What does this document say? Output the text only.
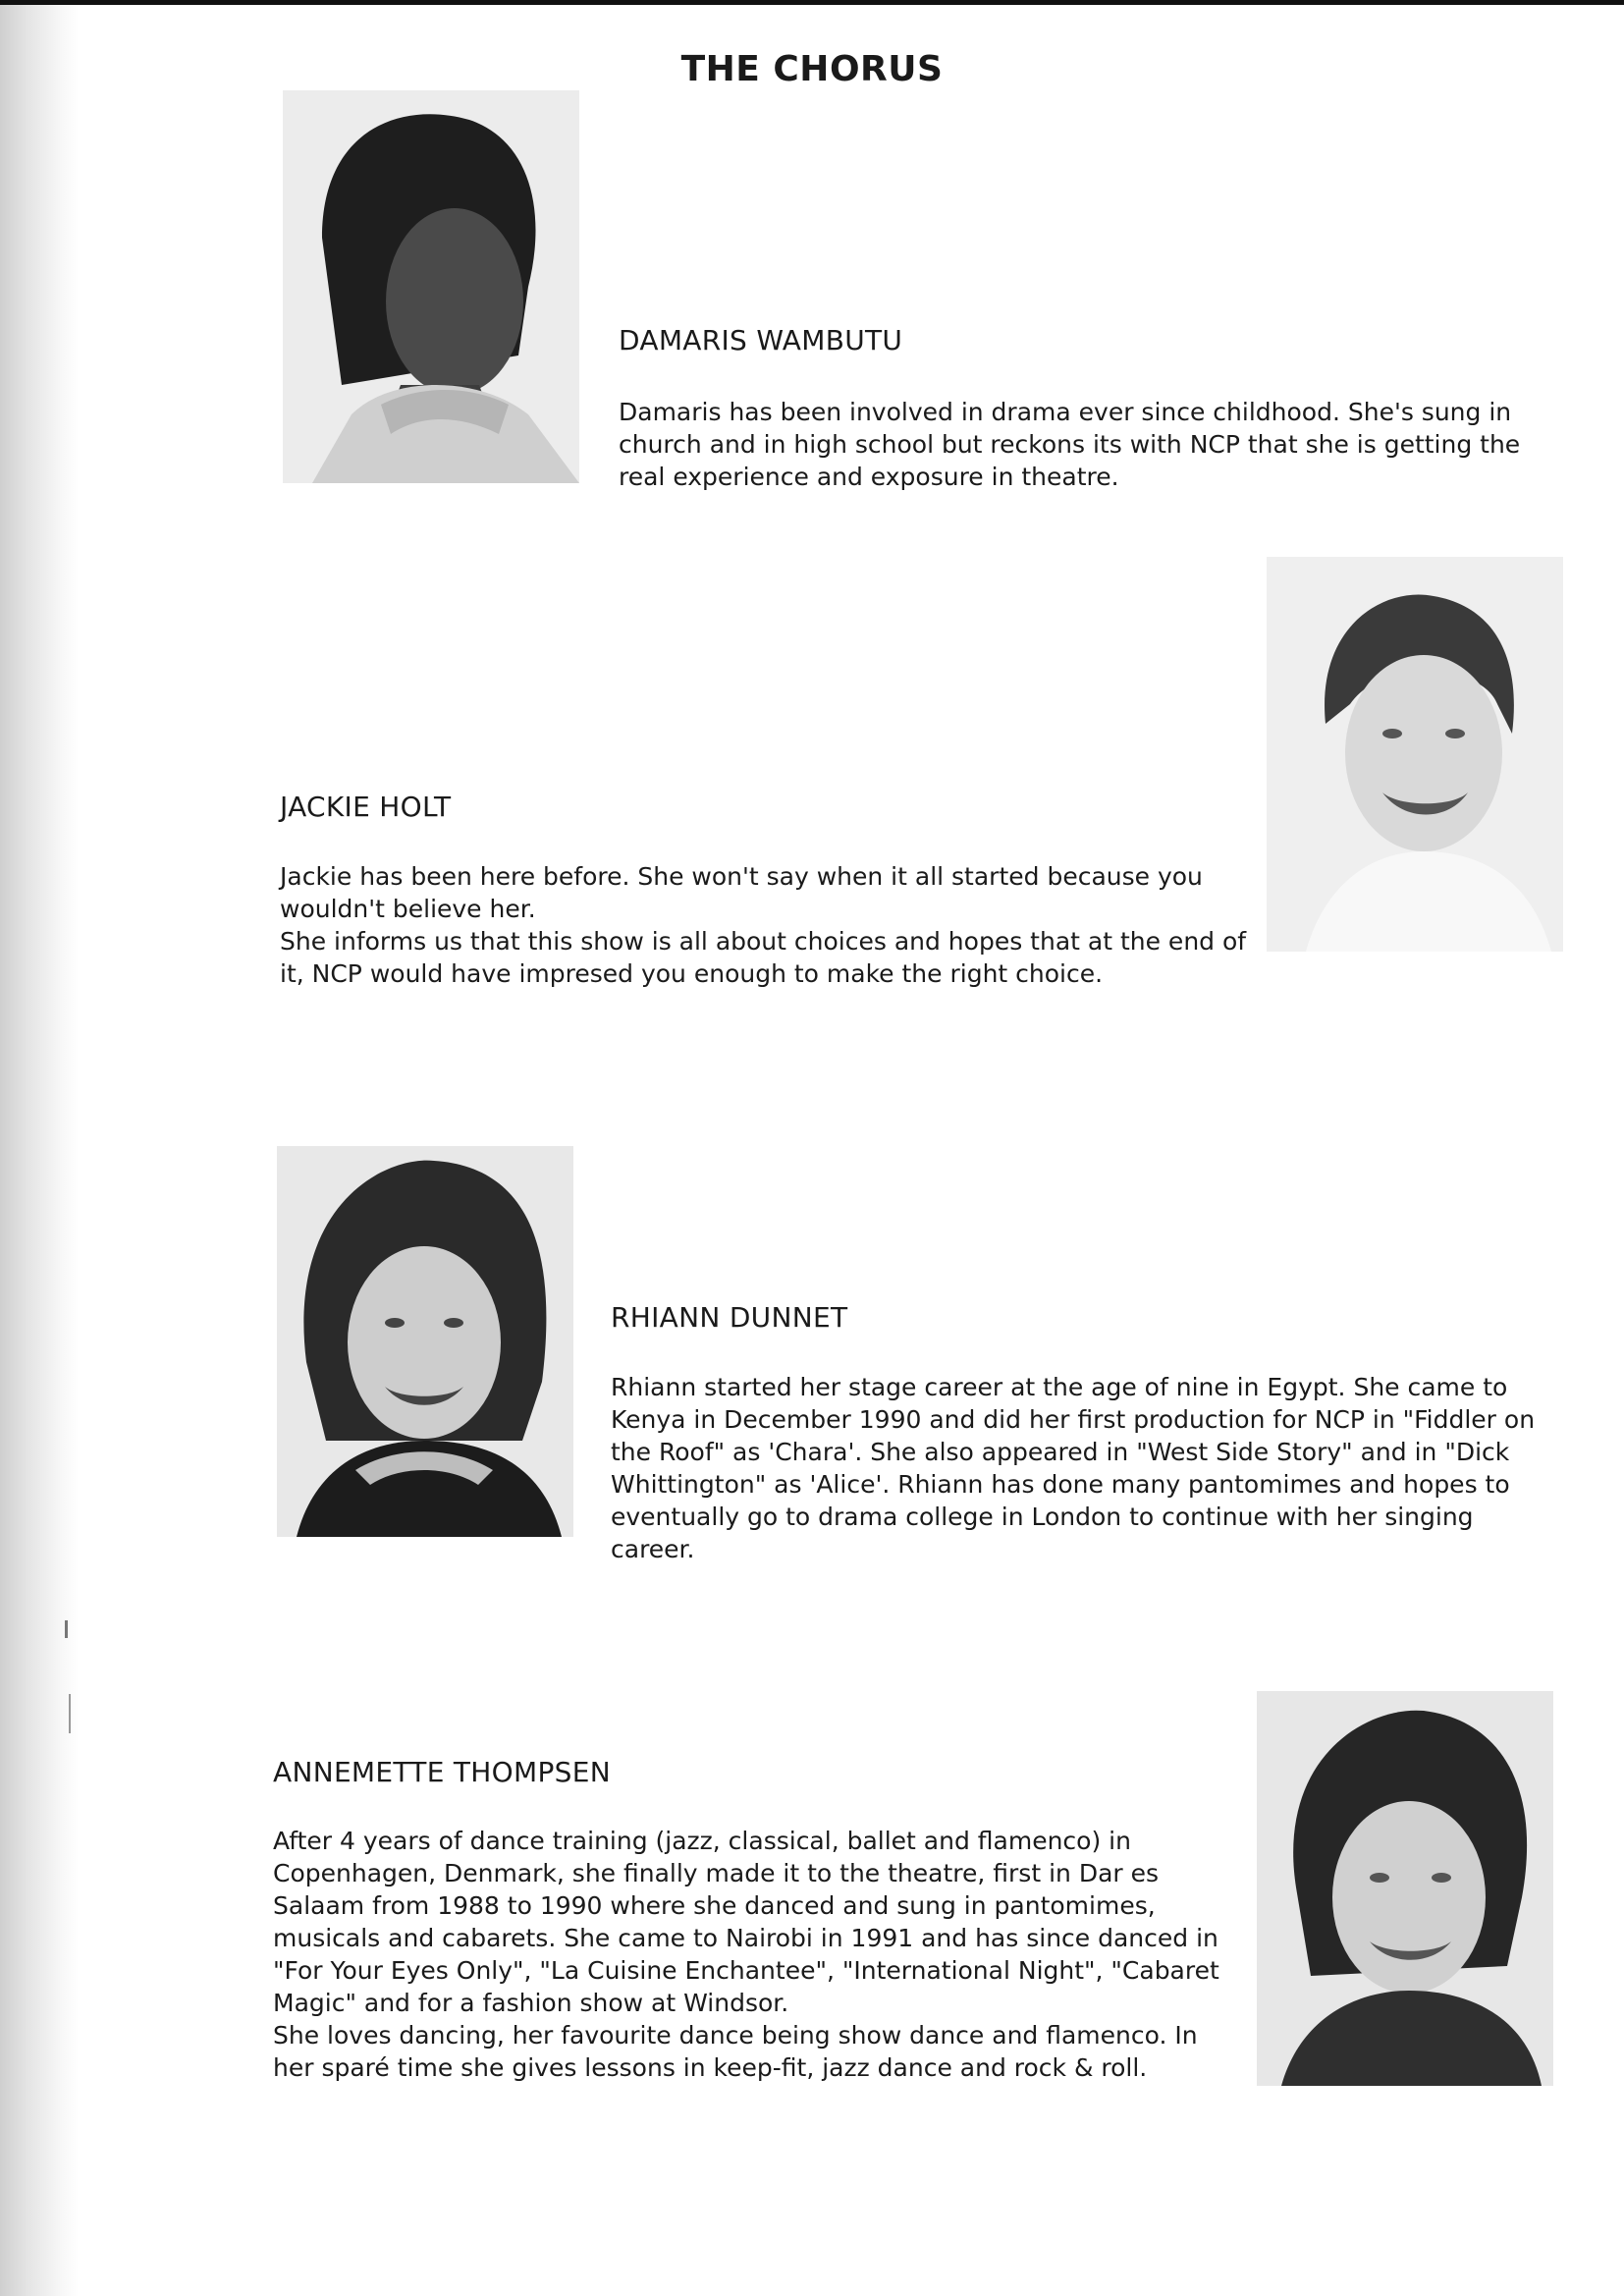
THE CHORUS
DAMARIS WAMBUTU

Damaris has been involved in drama ever since childhood. She's sung in church and in high school but reckons its with NCP that she is getting the real experience and exposure in theatre.

JACKIE HOLT

Jackie has been here before. She won't say when it all started because you wouldn't believe her.

She informs us that this show is all about choices and hopes that at the end of it, NCP would have impresed you enough to make the right choice.

RHIANN DUNNET

Rhiann started her stage career at the age of nine in Egypt. She came to Kenya in December 1990 and did her first production for NCP in "Fiddler on the Roof" as 'Chara'. She also appeared in "West Side Story" and in "Dick Whittington" as 'Alice'. Rhiann has done many pantomimes and hopes to eventually go to drama college in London to continue with her singing career.

ANNEMETTE THOMPSEN

After 4 years of dance training (jazz, classical, ballet and flamenco) in Copenhagen, Denmark, she finally made it to the theatre, first in Dar es Salaam from 1988 to 1990 where she danced and sung in pantomimes, musicals and cabarets. She came to Nairobi in 1991 and has since danced in "For Your Eyes Only", "La Cuisine Enchantee", "International Night", "Cabaret Magic" and for a fashion show at Windsor.

She loves dancing, her favourite dance being show dance and flamenco. In her sparé time she gives lessons in keep-fit, jazz dance and rock & roll.
